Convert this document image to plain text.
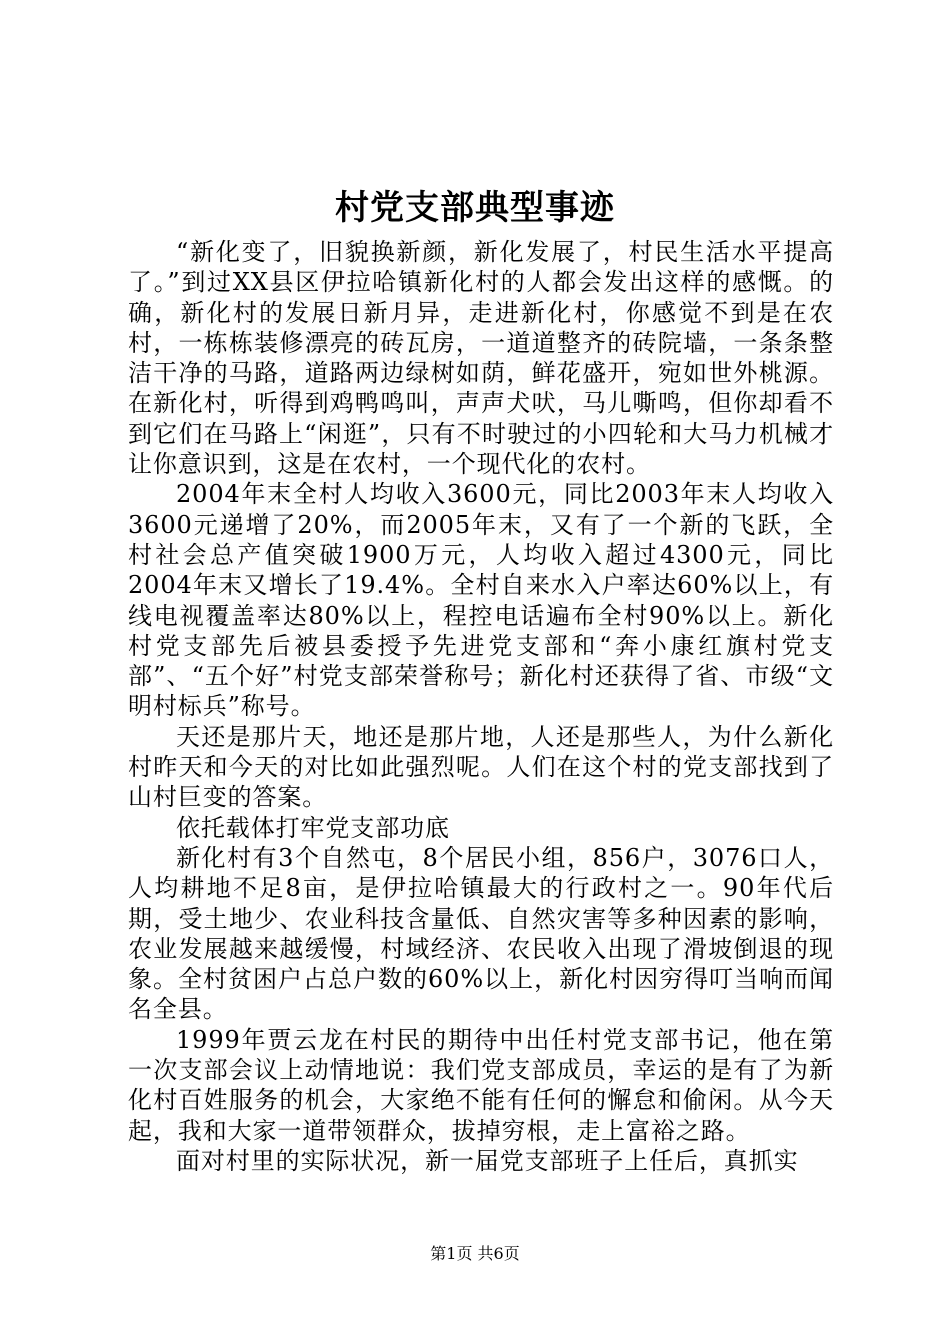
村党支部典型事迹

“新化变了，旧貌换新颜，新化发展了，村民生活水平提高了。”到过XX县区伊拉哈镇新化村的人都会发出这样的感慨。的确，新化村的发展日新月异，走进新化村，你感觉不到是在农村，一栋栋装修漂亮的砖瓦房，一道道整齐的砖院墙，一条条整洁干净的马路，道路两边绿树如荫，鲜花盛开，宛如世外桃源。在新化村，听得到鸡鸭鸣叫，声声犬吠，马儿嘶鸣，但你却看不到它们在马路上“闲逛”，只有不时驶过的小四轮和大马力机械才让你意识到，这是在农村，一个现代化的农村。

2004年末全村人均收入3600元，同比2003年末人均收入3600元递增了20%，而2005年末，又有了一个新的飞跃，全村社会总产值突破1900万元，人均收入超过4300元，同比2004年末又增长了19.4%。全村自来水入户率达60%以上，有线电视覆盖率达80%以上，程控电话遍布全村90%以上。新化村党支部先后被县委授予先进党支部和“奔小康红旗村党支部”、“五个好”村党支部荣誉称号；新化村还获得了省、市级“文明村标兵”称号。

天还是那片天，地还是那片地，人还是那些人，为什么新化村昨天和今天的对比如此强烈呢。人们在这个村的党支部找到了山村巨变的答案。

依托载体打牢党支部功底

新化村有3个自然屯，8个居民小组，856户，3076口人，人均耕地不足8亩，是伊拉哈镇最大的行政村之一。90年代后期，受土地少、农业科技含量低、自然灾害等多种因素的影响，农业发展越来越缓慢，村域经济、农民收入出现了滑坡倒退的现象。全村贫困户占总户数的60%以上，新化村因穷得叮当响而闻名全县。

1999年贾云龙在村民的期待中出任村党支部书记，他在第一次支部会议上动情地说：我们党支部成员，幸运的是有了为新化村百姓服务的机会，大家绝不能有任何的懈怠和偷闲。从今天起，我和大家一道带领群众，拔掉穷根，走上富裕之路。

面对村里的实际状况，新一届党支部班子上任后，真抓实

第1页 共6页
